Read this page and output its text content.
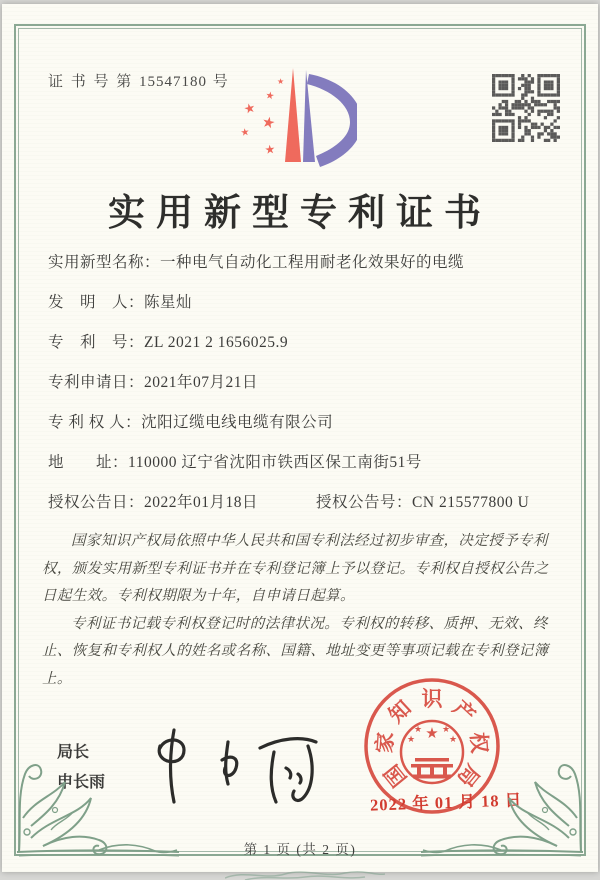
证 书 号 第 15547180 号
★
★
★
★
★
★
实用新型专利证书
实用新型名称：一种电气自动化工程用耐老化效果好的电缆
发　明　人：陈星灿
专　利　号：ZL 2021 2 1656025.9
专利申请日：2021年07月21日
专 利 权 人：沈阳辽缆电线电缆有限公司
地　　址：110000 辽宁省沈阳市铁西区保工南街51号
授权公告日：2022年01月18日	授权公告号：CN 215577800 U

国家知识产权局依照中华人民共和国专利法经过初步审查，决定授予专利权，颁发实用新型专利证书并在专利登记簿上予以登记。专利权自授权公告之日起生效。专利权期限为十年，自申请日起算。

专利证书记载专利权登记时的法律状况。专利权的转移、质押、无效、终止、恢复和专利权人的姓名或名称、国籍、地址变更等事项记载在专利登记簿上。

局长
申长雨	国
家
知 识 产
权
局
★
★ ★
★	★
2022 年 01 月 18 日
第 1 页 (共 2 页)
